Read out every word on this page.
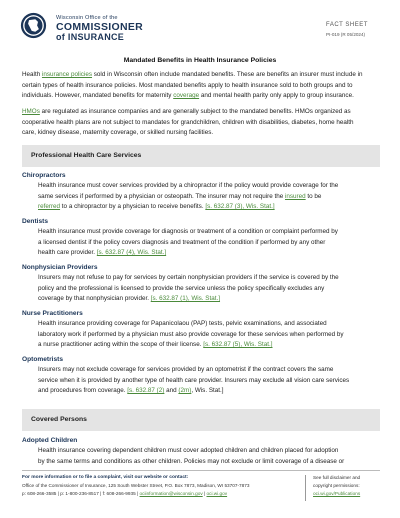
Wisconsin Office of the
COMMISSIONER
of INSURANCE
FACT SHEET
PI-019 (R 05/2024)
Mandated Benefits in Health Insurance Policies
Health insurance policies sold in Wisconsin often include mandated benefits. These are benefits an insurer must include in
certain types of health insurance policies. Most mandated benefits apply to health insurance sold to both groups and to
individuals. However, mandated benefits for maternity coverage and mental health parity only apply to group insurance.
HMOs are regulated as insurance companies and are generally subject to the mandated benefits. HMOs organized as
cooperative health plans are not subject to mandates for grandchildren, children with disabilities, diabetes, home health
care, kidney disease, maternity coverage, or skilled nursing facilities.
Professional Health Care Services
Chiropractors
Health insurance must cover services provided by a chiropractor if the policy would provide coverage for the
same services if performed by a physician or osteopath. The insurer may not require the insured to be
referred to a chiropractor by a physician to receive benefits. [s. 632.87 (3), Wis. Stat.]
Dentists
Health insurance must provide coverage for diagnosis or treatment of a condition or complaint performed by
a licensed dentist if the policy covers diagnosis and treatment of the condition if performed by any other
health care provider. [s. 632.87 (4), Wis. Stat.]
Nonphysician Providers
Insurers may not refuse to pay for services by certain nonphysician providers if the service is covered by the
policy and the professional is licensed to provide the service unless the policy specifically excludes any
coverage by that nonphysician provider. [s. 632.87 (1), Wis. Stat.]
Nurse Practitioners
Health insurance providing coverage for Papanicolaou (PAP) tests, pelvic examinations, and associated
laboratory work if performed by a physician must also provide coverage for these services when performed by
a nurse practitioner acting within the scope of their license. [s. 632.87 (5), Wis. Stat.]
Optometrists
Insurers may not exclude coverage for services provided by an optometrist if the contract covers the same
service when it is provided by another type of health care provider. Insurers may exclude all vision care services
and procedures from coverage. [s. 632.87 (2) and (2m), Wis. Stat.]
Covered Persons
Adopted Children
Health insurance covering dependent children must cover adopted children and children placed for adoption
by the same terms and conditions as other children. Policies may not exclude or limit coverage of a disease or
For more information or to file a complaint, visit our website or contact:
Office of the Commissioner of Insurance, 125 South Webster Street, P.O. Box 7873, Madison, WI 53707-7873
p: 608-266-3585 | p: 1-800-236-8517 | f: 608-266-9935 | ociinformation@wisconsin.gov | oci.wi.gov
See full disclaimer and
copyright permissions:
oci.wi.gov/Publications
